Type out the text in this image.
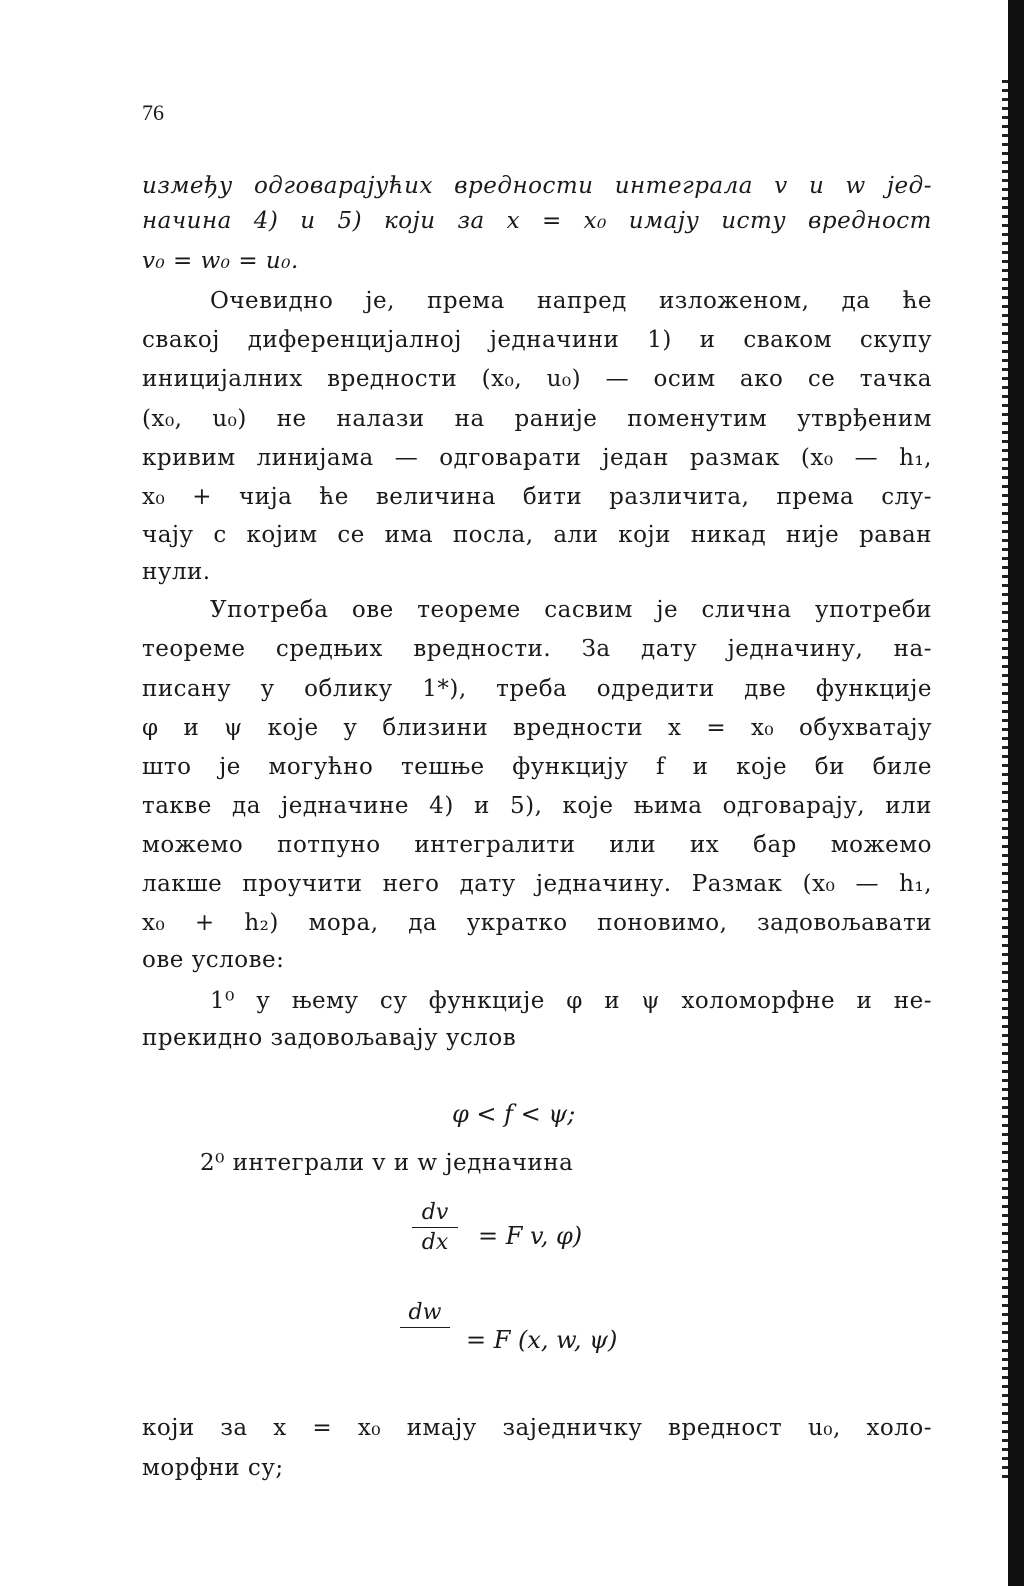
76
између одговарајућих вредности интеграла v и w јед-
начина 4) и 5) који за x = x₀ имају исту вредност
v₀ = w₀ = u₀.
Очевидно је, према напред изложеном, да ће
свакој диференцијалној једначини 1) и сваком скупу
иницијалних вредности (x₀, u₀) — осим ако се тачка
(x₀, u₀) не налази на раније поменутим утврђеним
кривим линијама — одговарати један размак (x₀ — h₁,
x₀ + чија ће величина бити различита, према слу-
чају с којим се има посла, али који никад није раван
нули.
Употреба ове теореме сасвим је слична употреби
теореме средњих вредности. За дату једначину, на-
писану у облику 1*), треба одредити две функције
φ и ψ које у близини вредности x = x₀ обухватају
што је могућно тешње функцију f и које би биле
такве да једначине 4) и 5), које њима одговарају, или
можемо потпуно интегралити или их бар можемо
лакше проучити него дату једначину. Размак (x₀ — h₁,
x₀ + h₂) мора, да укратко поновимо, задовољавати
ове услове:
1⁰ у њему су функције φ и ψ холоморфне и не-
прекидно задовољавају услов
φ < f < ψ;
2⁰ интеграли v и w једначина
dv
dx	= F v, φ)
dw
= F (x, w, ψ)
који за x = x₀ имају заједничку вредност u₀, холо-
морфни су;
